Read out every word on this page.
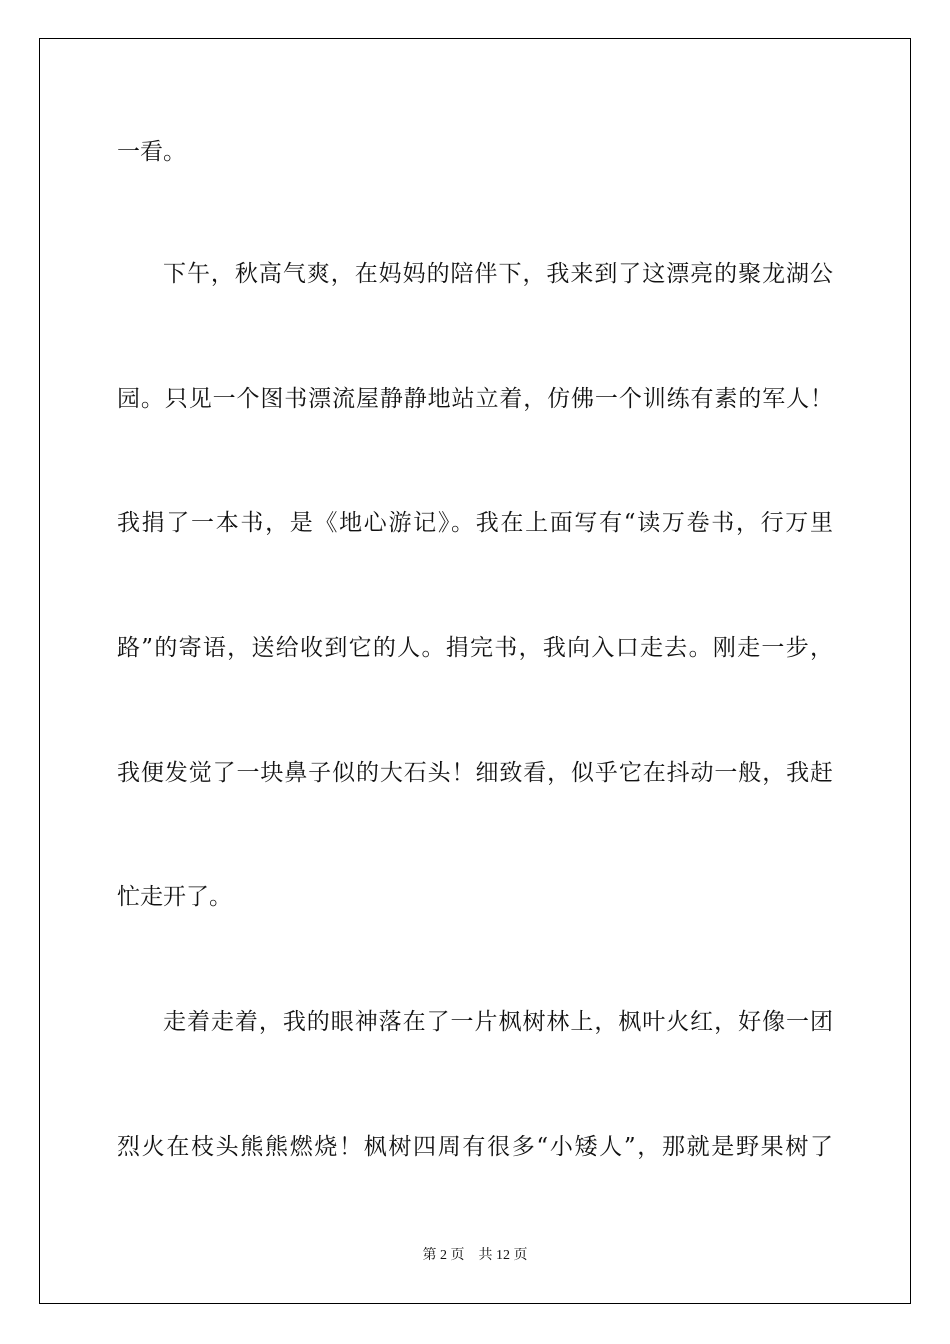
一看。
下午，秋高气爽，在妈妈的陪伴下，我来到了这漂亮的聚龙湖公
园。只见一个图书漂流屋静静地站立着，仿佛一个训练有素的军人！
我捐了一本书，是《地心游记》。我在上面写有“读万卷书，行万里
路”的寄语，送给收到它的人。捐完书，我向入口走去。刚走一步，
我便发觉了一块鼻子似的大石头！细致看，似乎它在抖动一般，我赶
忙走开了。
走着走着，我的眼神落在了一片枫树林上，枫叶火红，好像一团
烈火在枝头熊熊燃烧！枫树四周有很多“小矮人”，那就是野果树了
第 2 页 共 12 页
